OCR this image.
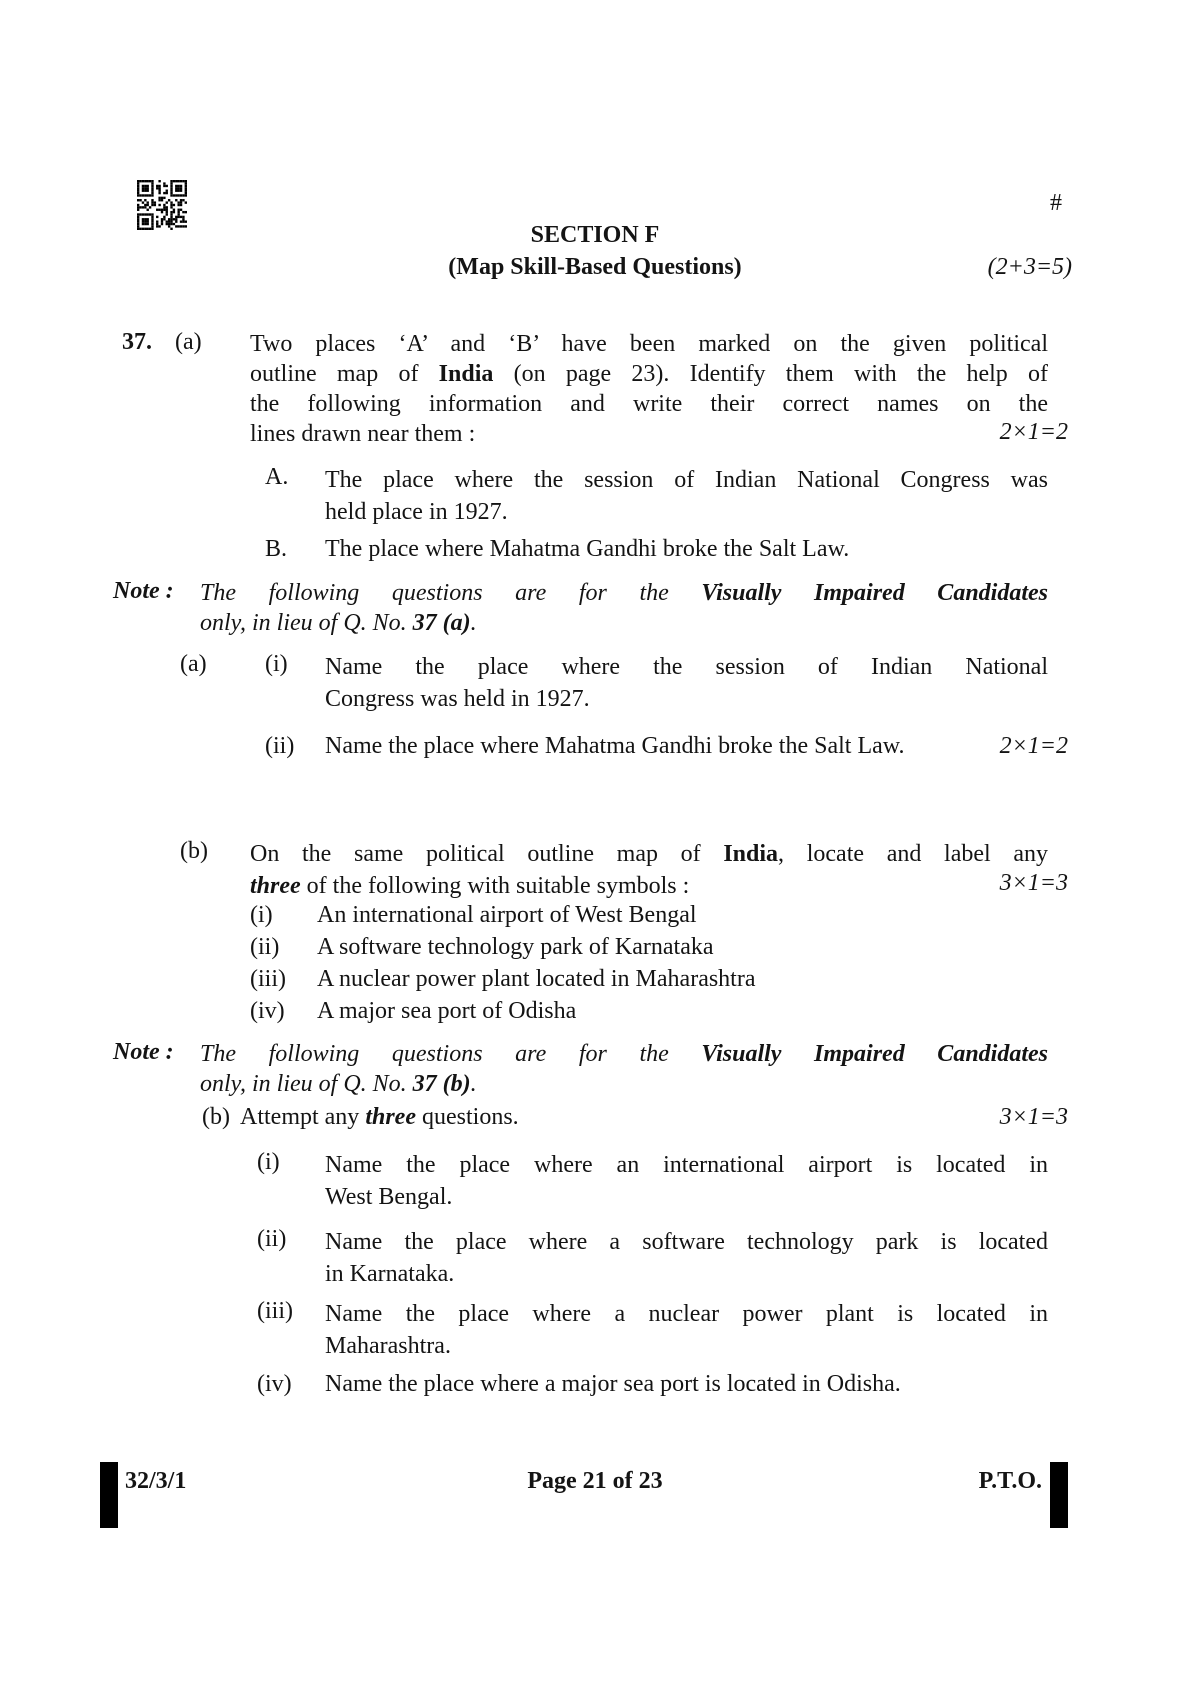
#
SECTION F
(Map Skill-Based Questions)	(2+3=5)
37. (a) Two places ‘A’ and ‘B’ have been marked on the given political
outline map of India (on page 23). Identify them with the help of
the following information and write their correct names on the
lines drawn near them :	2×1=2
A. The place where the session of Indian National Congress was
held place in 1927.
B. The place where Mahatma Gandhi broke the Salt Law.
Note : The following questions are for the Visually Impaired Candidates
only, in lieu of Q. No. 37 (a).
(a) (i) Name the place where the session of Indian National
Congress was held in 1927.
(ii) Name the place where Mahatma Gandhi broke the Salt Law.	2×1=2
(b) On the same political outline map of India, locate and label any
three of the following with suitable symbols :	3×1=3
(i) An international airport of West Bengal
(ii) A software technology park of Karnataka
(iii) A nuclear power plant located in Maharashtra
(iv) A major sea port of Odisha
Note : The following questions are for the Visually Impaired Candidates
only, in lieu of Q. No. 37 (b).
(b) Attempt any three questions.	3×1=3
(i) Name the place where an international airport is located in
West Bengal.
(ii) Name the place where a software technology park is located
in Karnataka.
(iii) Name the place where a nuclear power plant is located in
Maharashtra.
(iv) Name the place where a major sea port is located in Odisha.
32/3/1	Page 21 of 23	P.T.O.
